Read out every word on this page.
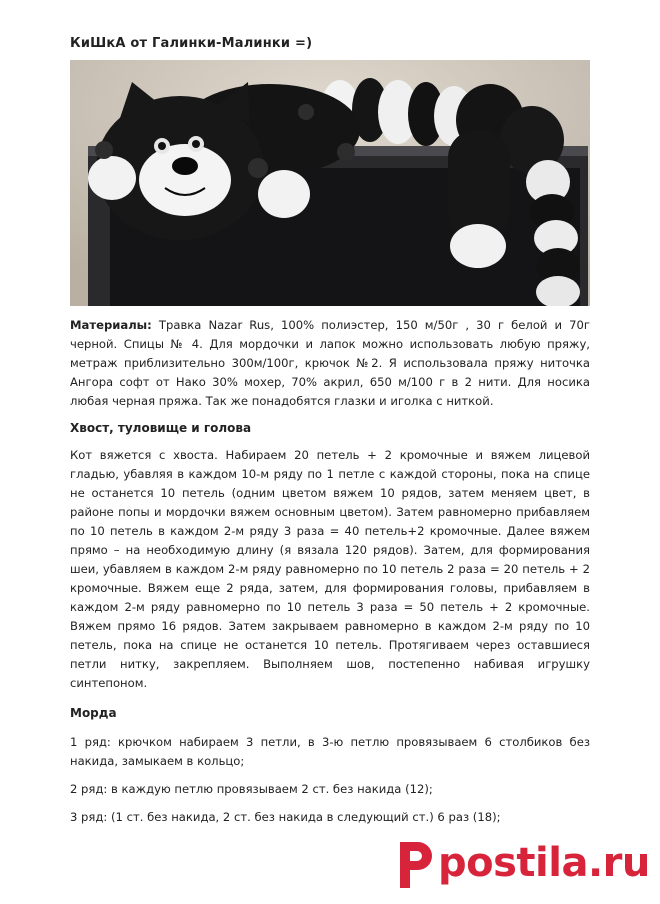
КиШкА от Галинки-Малинки =)

Материалы: Травка Nazar Rus, 100% полиэстер, 150 м/50г , 30 г белой и 70г черной. Спицы № 4. Для мордочки и лапок можно использовать любую пряжу, метраж приблизительно 300м/100г, крючок №2. Я использовала пряжу ниточка Ангора софт от Нако 30% мохер, 70% акрил, 650 м/100 г в 2 нити. Для носика любая черная пряжа. Так же понадобятся глазки и иголка с ниткой.

Хвост, туловище и голова

Кот вяжется с хвоста. Набираем 20 петель + 2 кромочные и вяжем лицевой гладью, убавляя в каждом 10-м ряду по 1 петле с каждой стороны, пока на спице не останется 10 петель (одним цветом вяжем 10 рядов, затем меняем цвет, в районе попы и мордочки вяжем основным цветом). Затем равномерно прибавляем по 10 петель в каждом 2-м ряду 3 раза = 40 петель+2 кромочные. Далее вяжем прямо – на необходимую длину (я вязала 120 рядов). Затем, для формирования шеи, убавляем в каждом 2-м ряду равномерно по 10 петель 2 раза = 20 петель + 2 кромочные. Вяжем еще 2 ряда, затем, для формирования головы, прибавляем в каждом 2-м ряду равномерно по 10 петель 3 раза = 50 петель + 2 кромочные. Вяжем прямо 16 рядов. Затем закрываем равномерно в каждом 2-м ряду по 10 петель, пока на спице не останется 10 петель. Протягиваем через оставшиеся петли нитку, закрепляем. Выполняем шов, постепенно набивая игрушку синтепоном.

Морда

1 ряд: крючком набираем 3 петли, в 3-ю петлю провязываем 6 столбиков без накида, замыкаем в кольцо;

2 ряд: в каждую петлю провязываем 2 ст. без накида (12);

3 ряд: (1 ст. без накида, 2 ст. без накида в следующий ст.) 6 раз (18);

postila.ru
